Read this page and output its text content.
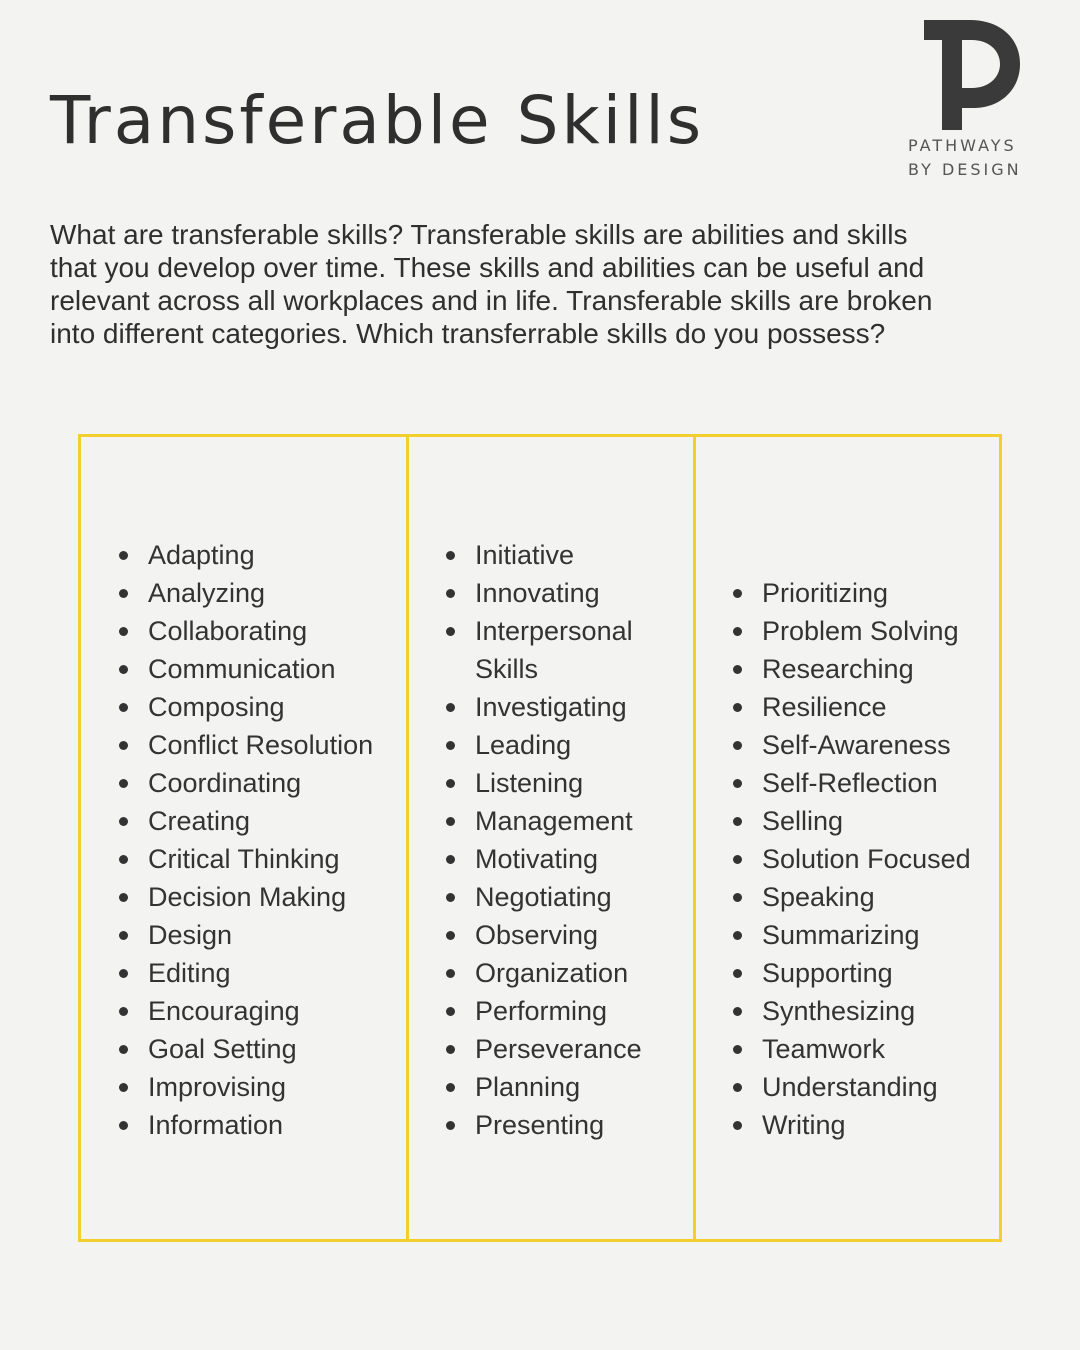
Transferable Skills	PATHWAYS
BY DESIGN

What are transferable skills? Transferable skills are abilities and skills that you develop over time. These skills and abilities can be useful and relevant across all workplaces and in life. Transferable skills are broken into different categories. Which transferrable skills do you possess?

Adapting
Analyzing
Collaborating
Communication
Composing
Conflict Resolution
Coordinating
Creating
Critical Thinking
Decision Making
Design
Editing
Encouraging
Goal Setting
Improvising
Information
Initiative
Innovating
Interpersonal Skills
Investigating
Leading
Listening
Management
Motivating
Negotiating
Observing
Organization
Performing
Perseverance
Planning
Presenting
Prioritizing
Problem Solving
Researching
Resilience
Self-Awareness
Self-Reflection
Selling
Solution Focused
Speaking
Summarizing
Supporting
Synthesizing
Teamwork
Understanding
Writing
